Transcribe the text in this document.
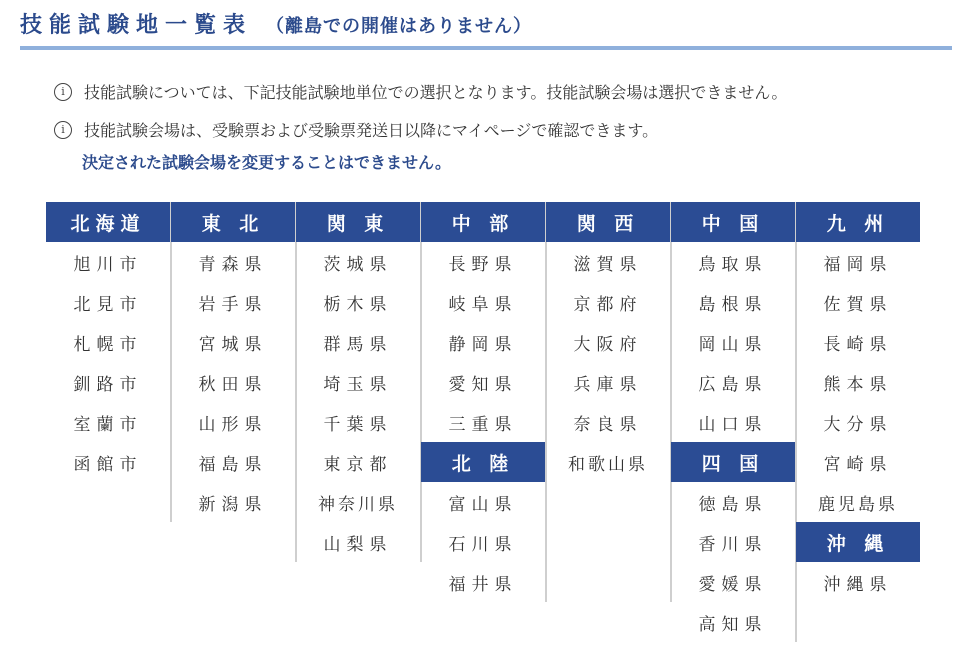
技能試験地一覧表 （離島での開催はありません）
i	技能試験については、下記技能試験地単位での選択となります。技能試験会場は選択できません。
i	技能試験会場は、受験票および受験票発送日以降にマイページで確認できます。
決定された試験会場を変更することはできません。
北海道
旭川市
北見市
札幌市
釧路市
室蘭市
函館市
東 北
青森県
岩手県
宮城県
秋田県
山形県
福島県
新潟県
関 東
茨城県
栃木県
群馬県
埼玉県
千葉県
東京都
神奈川県
山梨県
中 部
長野県
岐阜県
静岡県
愛知県
三重県
北 陸
富山県
石川県
福井県
関 西
滋賀県
京都府
大阪府
兵庫県
奈良県
和歌山県
中 国
鳥取県
島根県
岡山県
広島県
山口県
四 国
徳島県
香川県
愛媛県
高知県
九 州
福岡県
佐賀県
長崎県
熊本県
大分県
宮崎県
鹿児島県
沖 縄
沖縄県
